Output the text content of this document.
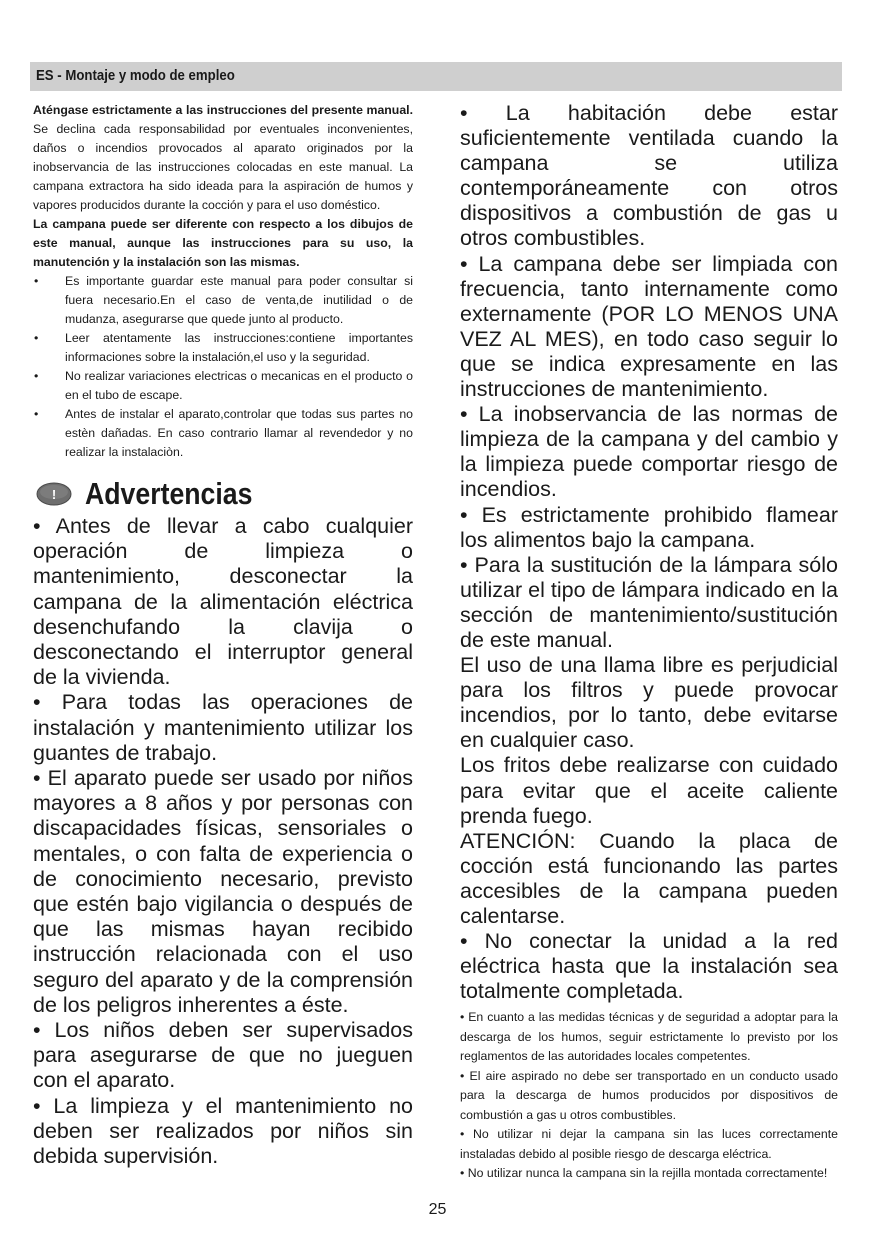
ES - Montaje y modo de empleo

Aténgase estrictamente a las instrucciones del presente manual. Se declina cada responsabilidad por eventuales inconvenientes, daños o incendios provocados al aparato originados por la inobservancia de las instrucciones colocadas en este manual. La campana extractora ha sido ideada para la aspiración de humos y vapores producidos durante la cocción y para el uso doméstico.

La campana puede ser diferente con respecto a los dibujos de este manual, aunque las instrucciones para su uso, la manutención y la instalación son las mismas.

• Es importante guardar este manual para poder consultar si fuera necesario.En el caso de venta,de inutilidad o de mudanza, asegurarse que quede junto al producto.
• Leer atentamente las instrucciones:contiene importantes informaciones sobre la instalación,el uso y la seguridad.
• No realizar variaciones electricas o mecanicas en el producto o en el tubo de escape.
• Antes de instalar el aparato,controlar que todas sus partes no estèn dañadas. En caso contrario llamar al revendedor y no realizar la instalaciòn.
! Advertencias

• Antes de llevar a cabo cualquier operación de limpieza o mantenimiento, desconectar la campana de la alimentación eléctrica desenchufando la clavija o desconectando el interruptor general de la vivienda.

• Para todas las operaciones de instalación y mantenimiento utilizar los guantes de trabajo.

• El aparato puede ser usado por niños mayores a 8 años y por personas con discapacidades físicas, sensoriales o mentales, o con falta de experiencia o de conocimiento necesario, previsto que estén bajo vigilancia o después de que las mismas hayan recibido instrucción relacionada con el uso seguro del aparato y de la comprensión de los peligros inherentes a éste.

• Los niños deben ser supervisados para asegurarse de que no jueguen con el aparato.

• La limpieza y el mantenimiento no deben ser realizados por niños sin debida supervisión.

• La habitación debe estar suficientemente ventilada cuando la campana se utiliza contemporáneamente con otros dispositivos a combustión de gas u otros combustibles.

• La campana debe ser limpiada con frecuencia, tanto internamente como externamente (POR LO MENOS UNA VEZ AL MES), en todo caso seguir lo que se indica expresamente en las instrucciones de mantenimiento.

• La inobservancia de las normas de limpieza de la campana y del cambio y la limpieza puede comportar riesgo de incendios.

• Es estrictamente prohibido flamear los alimentos bajo la campana.

• Para la sustitución de la lámpara sólo utilizar el tipo de lámpara indicado en la sección de mantenimiento/sustitución de este manual.

El uso de una llama libre es perjudicial para los filtros y puede provocar incendios, por lo tanto, debe evitarse en cualquier caso.

Los fritos debe realizarse con cuidado para evitar que el aceite caliente prenda fuego.

ATENCIÓN: Cuando la placa de cocción está funcionando las partes accesibles de la campana pueden calentarse.

• No conectar la unidad a la red eléctrica hasta que la instalación sea totalmente completada.

• En cuanto a las medidas técnicas y de seguridad a adoptar para la descarga de los humos, seguir estrictamente lo previsto por los reglamentos de las autoridades locales competentes.

• El aire aspirado no debe ser transportado en un conducto usado para la descarga de humos producidos por dispositivos de combustión a gas u otros combustibles.

• No utilizar ni dejar la campana sin las luces correctamente instaladas debido al posible riesgo de descarga eléctrica.

• No utilizar nunca la campana sin la rejilla montada correctamente!

25
